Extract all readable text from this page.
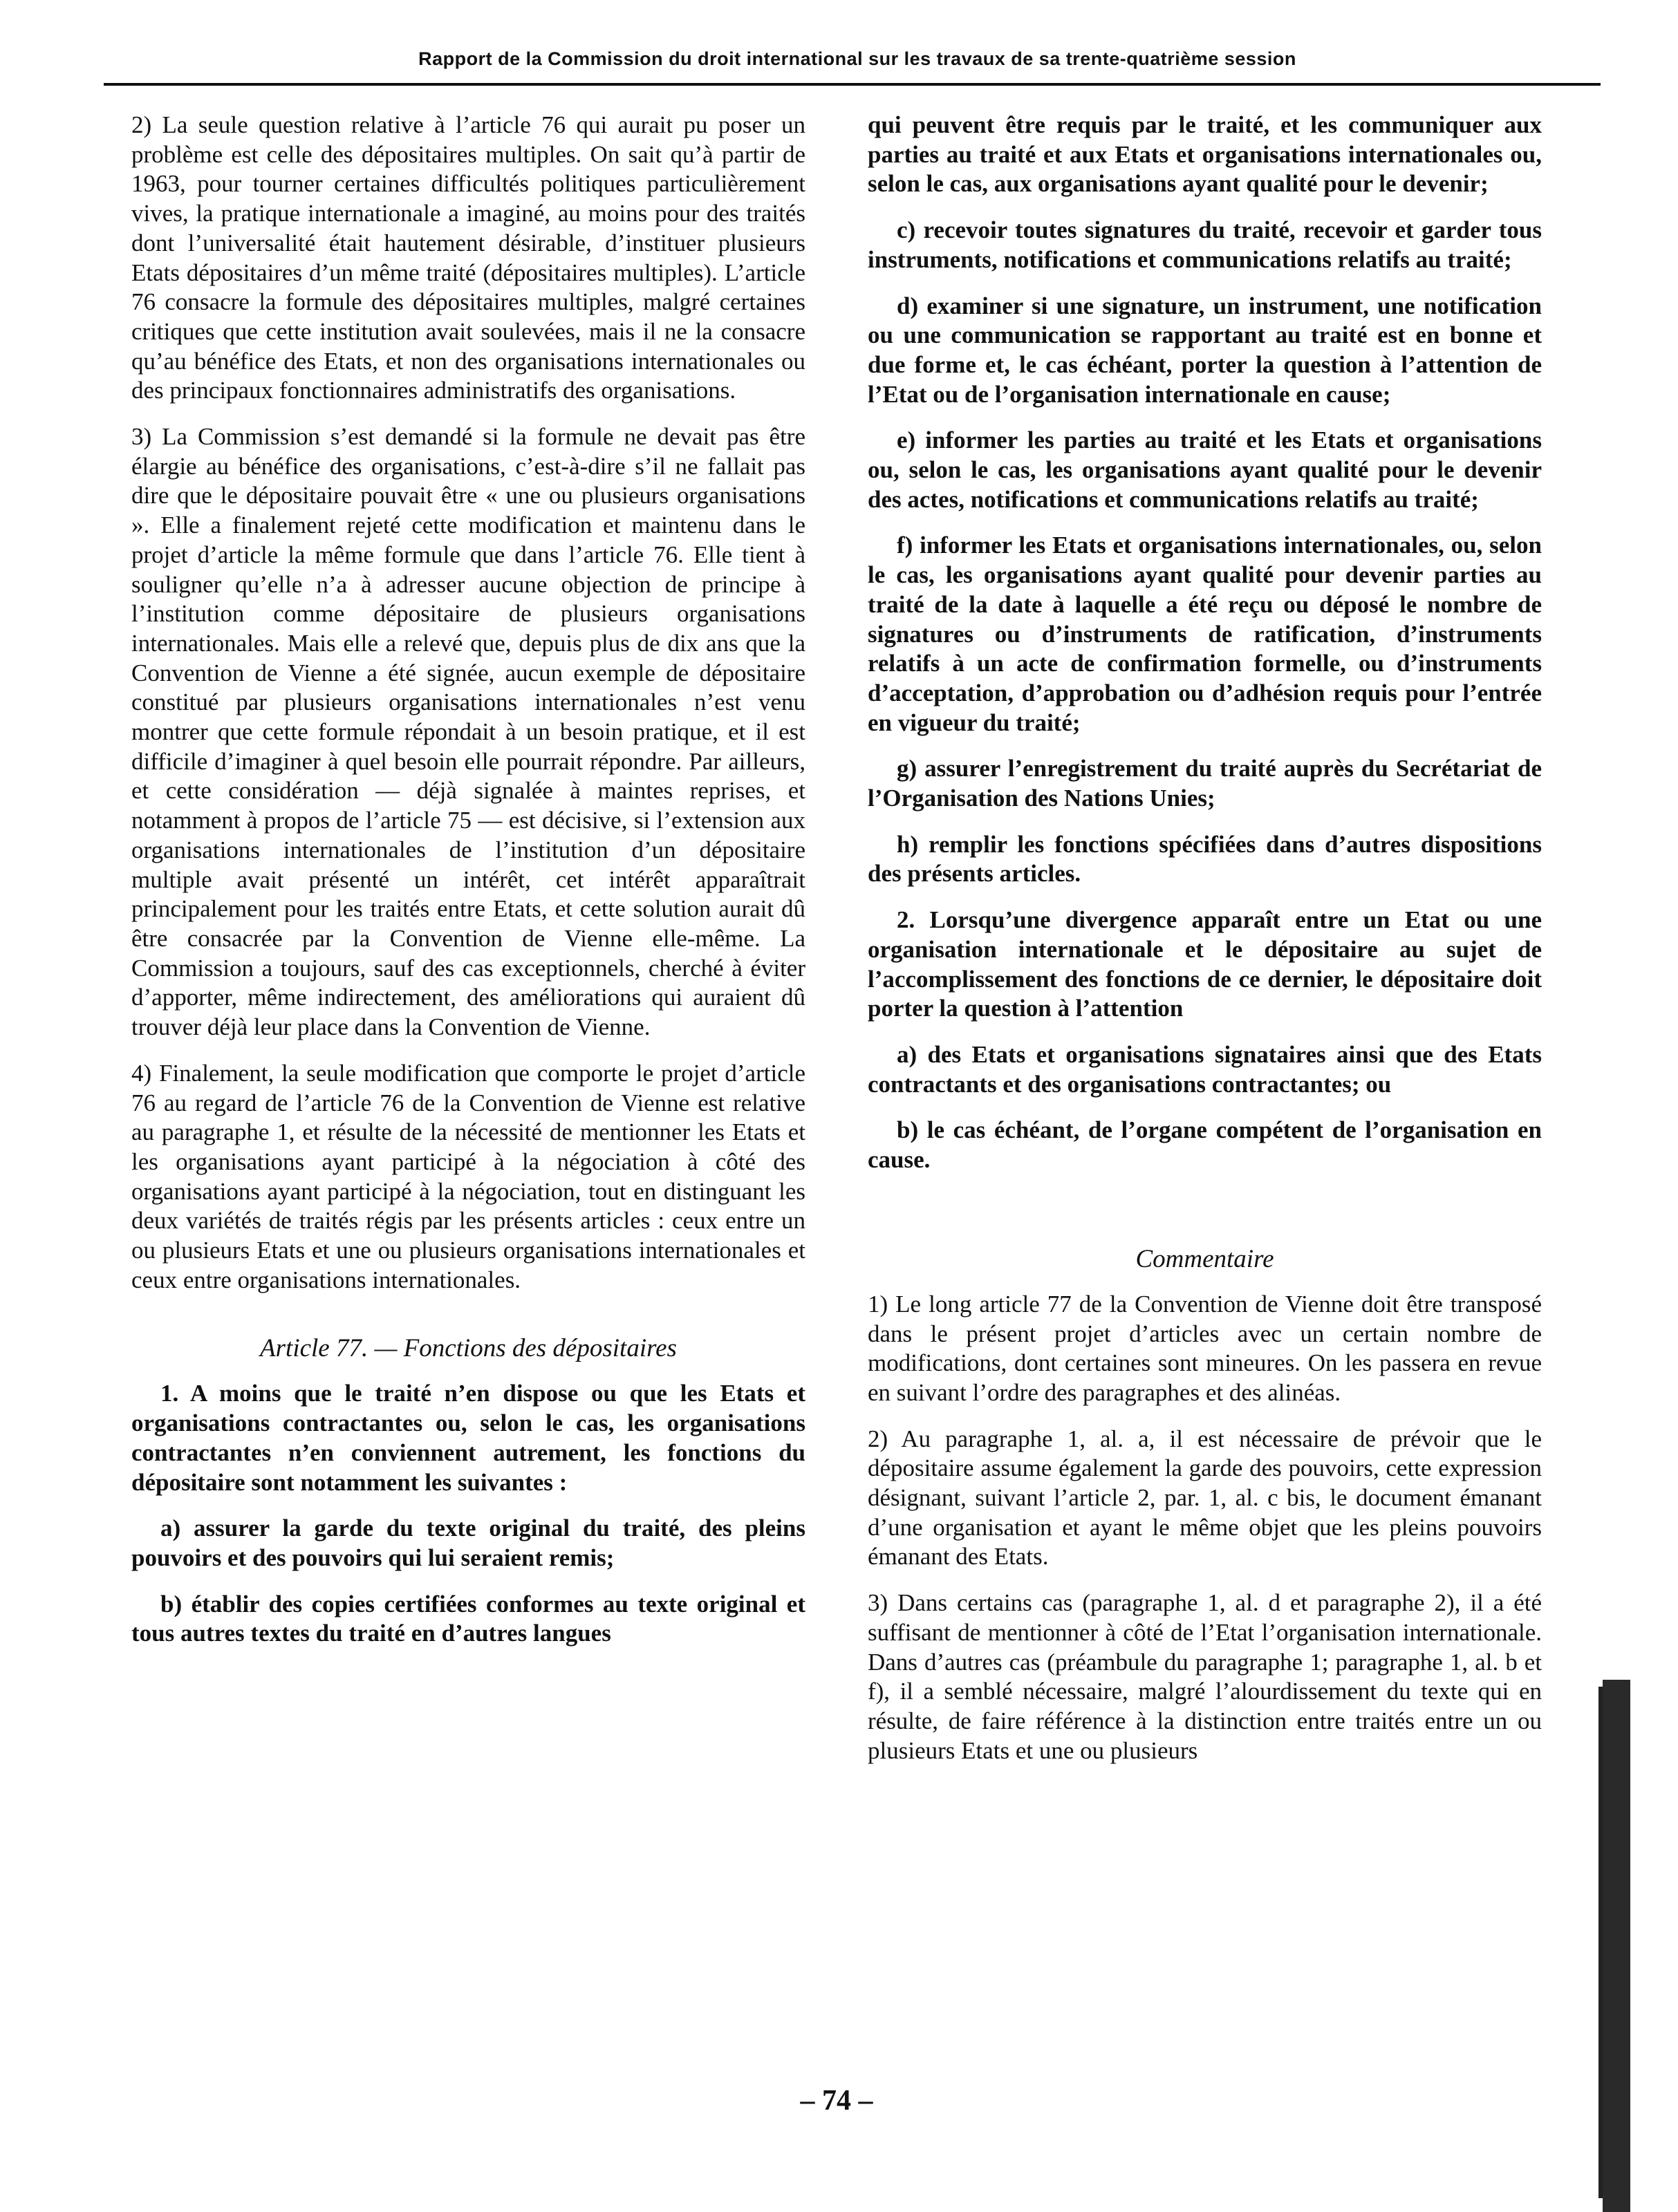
Rapport de la Commission du droit international sur les travaux de sa trente-quatrième session

2) La seule question relative à l’article 76 qui aurait pu poser un problème est celle des dépositaires multiples. On sait qu’à partir de 1963, pour tourner certaines difficultés politiques particulièrement vives, la pratique internationale a imaginé, au moins pour des traités dont l’universalité était hautement désirable, d’instituer plusieurs Etats dépositaires d’un même traité (dépositaires multiples). L’article 76 consacre la formule des dépositaires multiples, malgré certaines critiques que cette institution avait soulevées, mais il ne la consacre qu’au bénéfice des Etats, et non des organisations internationales ou des principaux fonctionnaires administratifs des organisations.

3) La Commission s’est demandé si la formule ne devait pas être élargie au bénéfice des organisations, c’est-à-dire s’il ne fallait pas dire que le dépositaire pouvait être « une ou plusieurs organisations ». Elle a finalement rejeté cette modification et maintenu dans le projet d’article la même formule que dans l’article 76. Elle tient à souligner qu’elle n’a à adresser aucune objection de principe à l’institution comme dépositaire de plusieurs organisations internationales. Mais elle a relevé que, depuis plus de dix ans que la Convention de Vienne a été signée, aucun exemple de dépositaire constitué par plusieurs organisations internationales n’est venu montrer que cette formule répondait à un besoin pratique, et il est difficile d’imaginer à quel besoin elle pourrait répondre. Par ailleurs, et cette considération — déjà signalée à maintes reprises, et notamment à propos de l’article 75 — est décisive, si l’extension aux organisations internationales de l’institution d’un dépositaire multiple avait présenté un intérêt, cet intérêt apparaîtrait principalement pour les traités entre Etats, et cette solution aurait dû être consacrée par la Convention de Vienne elle-même. La Commission a toujours, sauf des cas exceptionnels, cherché à éviter d’apporter, même indirectement, des améliorations qui auraient dû trouver déjà leur place dans la Convention de Vienne.

4) Finalement, la seule modification que comporte le projet d’article 76 au regard de l’article 76 de la Convention de Vienne est relative au paragraphe 1, et résulte de la nécessité de mentionner les Etats et les organisations ayant participé à la négociation à côté des organisations ayant participé à la négociation, tout en distinguant les deux variétés de traités régis par les présents articles : ceux entre un ou plusieurs Etats et une ou plusieurs organisations internationales et ceux entre organisations internationales.

Article 77. — Fonctions des dépositaires

1. A moins que le traité n’en dispose ou que les Etats et organisations contractantes ou, selon le cas, les organisations contractantes n’en conviennent autrement, les fonctions du dépositaire sont notamment les suivantes :

a) assurer la garde du texte original du traité, des pleins pouvoirs et des pouvoirs qui lui seraient remis;

b) établir des copies certifiées conformes au texte original et tous autres textes du traité en d’autres langues

qui peuvent être requis par le traité, et les communiquer aux parties au traité et aux Etats et organisations internationales ou, selon le cas, aux organisations ayant qualité pour le devenir;

c) recevoir toutes signatures du traité, recevoir et garder tous instruments, notifications et communications relatifs au traité;

d) examiner si une signature, un instrument, une notification ou une communication se rapportant au traité est en bonne et due forme et, le cas échéant, porter la question à l’attention de l’Etat ou de l’organisation internationale en cause;

e) informer les parties au traité et les Etats et organisations ou, selon le cas, les organisations ayant qualité pour le devenir des actes, notifications et communications relatifs au traité;

f) informer les Etats et organisations internationales, ou, selon le cas, les organisations ayant qualité pour devenir parties au traité de la date à laquelle a été reçu ou déposé le nombre de signatures ou d’instruments de ratification, d’instruments relatifs à un acte de confirmation formelle, ou d’instruments d’acceptation, d’approbation ou d’adhésion requis pour l’entrée en vigueur du traité;

g) assurer l’enregistrement du traité auprès du Secrétariat de l’Organisation des Nations Unies;

h) remplir les fonctions spécifiées dans d’autres dispositions des présents articles.

2. Lorsqu’une divergence apparaît entre un Etat ou une organisation internationale et le dépositaire au sujet de l’accomplissement des fonctions de ce dernier, le dépositaire doit porter la question à l’attention

a) des Etats et organisations signataires ainsi que des Etats contractants et des organisations contractantes; ou

b) le cas échéant, de l’organe compétent de l’organisation en cause.

Commentaire

1) Le long article 77 de la Convention de Vienne doit être transposé dans le présent projet d’articles avec un certain nombre de modifications, dont certaines sont mineures. On les passera en revue en suivant l’ordre des paragraphes et des alinéas.

2) Au paragraphe 1, al. a, il est nécessaire de prévoir que le dépositaire assume également la garde des pouvoirs, cette expression désignant, suivant l’article 2, par. 1, al. c bis, le document émanant d’une organisation et ayant le même objet que les pleins pouvoirs émanant des Etats.

3) Dans certains cas (paragraphe 1, al. d et paragraphe 2), il a été suffisant de mentionner à côté de l’Etat l’organisation internationale. Dans d’autres cas (préambule du paragraphe 1; paragraphe 1, al. b et f), il a semblé nécessaire, malgré l’alourdissement du texte qui en résulte, de faire référence à la distinction entre traités entre un ou plusieurs Etats et une ou plusieurs

– 74 –
